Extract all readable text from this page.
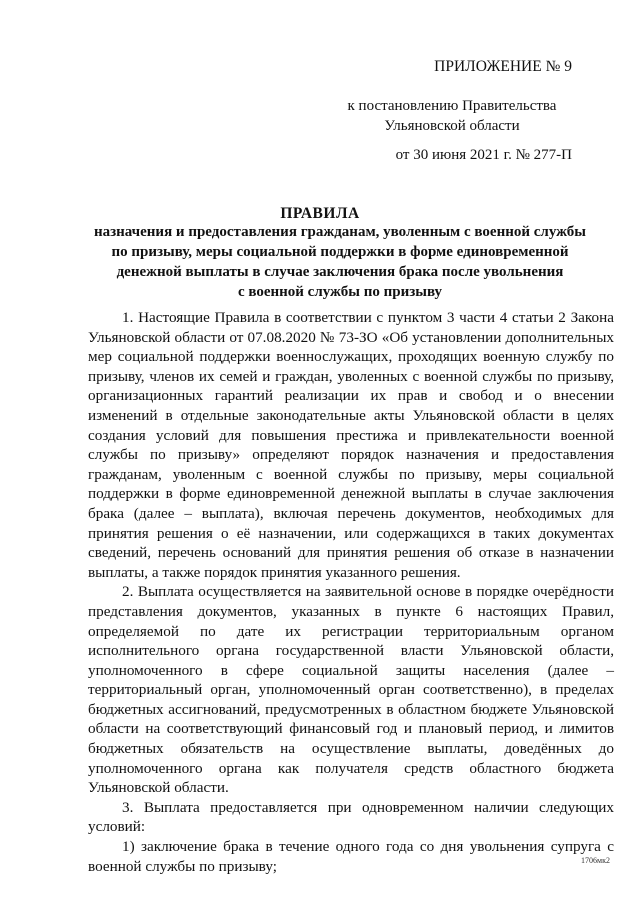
ПРИЛОЖЕНИЕ № 9
к постановлению Правительства
Ульяновской области
от 30 июня 2021 г. № 277-П
ПРАВИЛА
назначения и предоставления гражданам, уволенным с военной службы
по призыву, меры социальной поддержки в форме единовременной
денежной выплаты в случае заключения брака после увольнения
с военной службы по призыву

1. Настоящие Правила в соответствии с пунктом 3 части 4 статьи 2 Закона Ульяновской области от 07.08.2020 № 73-ЗО «Об установлении дополнительных мер социальной поддержки военнослужащих, проходящих военную службу по призыву, членов их семей и граждан, уволенных с военной службы по призыву, организационных гарантий реализации их прав и свобод и о внесении изменений в отдельные законодательные акты Ульяновской области в целях создания условий для повышения престижа и привлекательности военной службы по призыву» определяют порядок назначения и предоставления гражданам, уволенным с военной службы по призыву, меры социальной поддержки в форме единовременной денежной выплаты в случае заключения брака (далее – выплата), включая перечень документов, необходимых для принятия решения о её назначении, или содержащихся в таких документах сведений, перечень оснований для принятия решения об отказе в назначении выплаты, а также порядок принятия указанного решения.

2. Выплата осуществляется на заявительной основе в порядке очерёдности представления документов, указанных в пункте 6 настоящих Правил, определяемой по дате их регистрации территориальным органом исполнительного органа государственной власти Ульяновской области, уполномоченного в сфере социальной защиты населения (далее – территориальный орган, уполномоченный орган соответственно), в пределах бюджетных ассигнований, предусмотренных в областном бюджете Ульяновской области на соответствующий финансовый год и плановый период, и лимитов бюджетных обязательств на осуществление выплаты, доведённых до уполномоченного органа как получателя средств областного бюджета Ульяновской области.

3. Выплата предоставляется при одновременном наличии следующих условий:

1) заключение брака в течение одного года со дня увольнения супруга с военной службы по призыву;	1706мк2
